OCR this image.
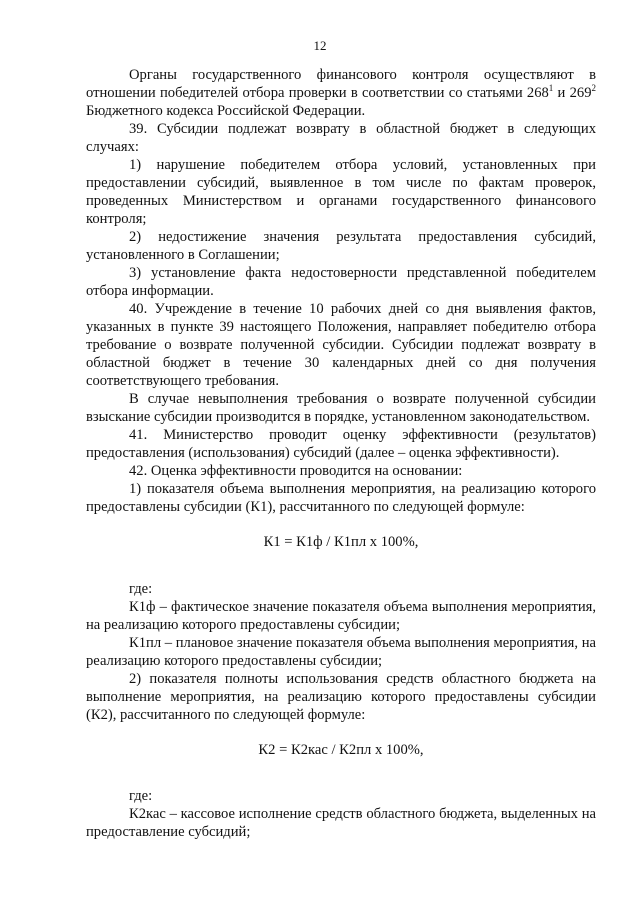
12

Органы государственного финансового контроля осуществляют в отношении победителей отбора проверки в соответствии со статьями $268^1$ и $269^2$ Бюджетного кодекса Российской Федерации.

39. Субсидии подлежат возврату в областной бюджет в следующих случаях:

1) нарушение победителем отбора условий, установленных при предоставлении субсидий, выявленное в том числе по фактам проверок, проведенных Министерством и органами государственного финансового контроля;

2) недостижение значения результата предоставления субсидий, установленного в Соглашении;

3) установление факта недостоверности представленной победителем отбора информации.

40. Учреждение в течение 10 рабочих дней со дня выявления фактов, указанных в пункте 39 настоящего Положения, направляет победителю отбора требование о возврате полученной субсидии. Субсидии подлежат возврату в областной бюджет в течение 30 календарных дней со дня получения соответствующего требования.

В случае невыполнения требования о возврате полученной субсидии взыскание субсидии производится в порядке, установленном законодательством.

41. Министерство проводит оценку эффективности (результатов) предоставления (использования) субсидий (далее – оценка эффективности).

42. Оценка эффективности проводится на основании:

1) показателя объема выполнения мероприятия, на реализацию которого предоставлены субсидии (К1), рассчитанного по следующей формуле:

К1 = К1ф / К1пл х 100%,

где:

К1ф – фактическое значение показателя объема выполнения мероприятия, на реализацию которого предоставлены субсидии;

К1пл – плановое значение показателя объема выполнения мероприятия, на реализацию которого предоставлены субсидии;

2) показателя полноты использования средств областного бюджета на выполнение мероприятия, на реализацию которого предоставлены субсидии (К2), рассчитанного по следующей формуле:

К2 = К2кас / К2пл х 100%,

где:

К2кас – кассовое исполнение средств областного бюджета, выделенных на предоставление субсидий;
